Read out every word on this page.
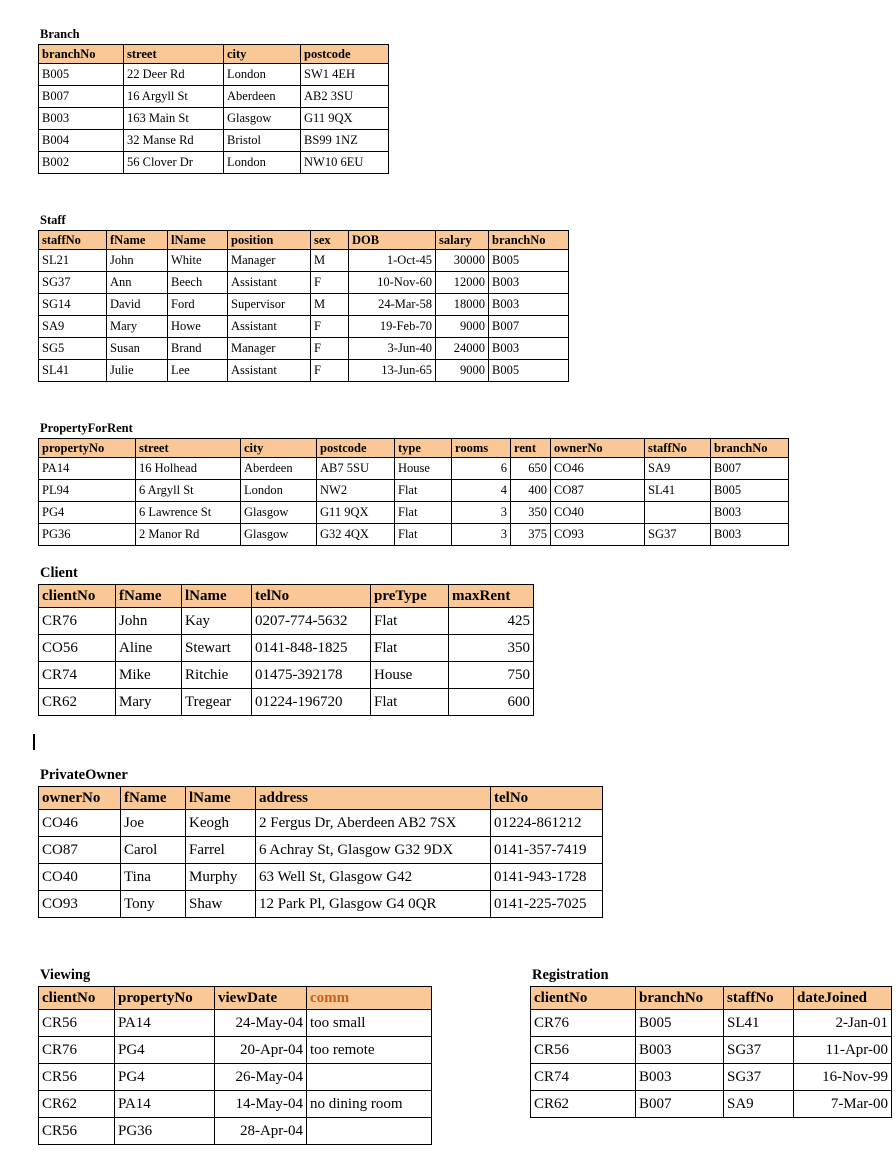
Branch
branchNo	street	city	postcode
B005	22 Deer Rd	London	SW1 4EH
B007	16 Argyll St	Aberdeen	AB2 3SU
B003	163 Main St	Glasgow	G11 9QX
B004	32 Manse Rd	Bristol	BS99 1NZ
B002	56 Clover Dr	London	NW10 6EU
Staff
staffNo	fName	lName	position	sex	DOB	salary	branchNo
SL21	John	White	Manager	M	1-Oct-45	30000	B005
SG37	Ann	Beech	Assistant	F	10-Nov-60	12000	B003
SG14	David	Ford	Supervisor	M	24-Mar-58	18000	B003
SA9	Mary	Howe	Assistant	F	19-Feb-70	9000	B007
SG5	Susan	Brand	Manager	F	3-Jun-40	24000	B003
SL41	Julie	Lee	Assistant	F	13-Jun-65	9000	B005
PropertyForRent
propertyNo	street	city	postcode	type	rooms	rent	ownerNo	staffNo	branchNo
PA14	16 Holhead	Aberdeen	AB7 5SU	House	6	650	CO46	SA9	B007
PL94	6 Argyll St	London	NW2	Flat	4	400	CO87	SL41	B005
PG4	6 Lawrence St	Glasgow	G11 9QX	Flat	3	350	CO40		B003
PG36	2 Manor Rd	Glasgow	G32 4QX	Flat	3	375	CO93	SG37	B003
Client
clientNo	fName	lName	telNo	preType	maxRent
CR76	John	Kay	0207-774-5632	Flat	425
CO56	Aline	Stewart	0141-848-1825	Flat	350
CR74	Mike	Ritchie	01475-392178	House	750
CR62	Mary	Tregear	01224-196720	Flat	600
PrivateOwner
ownerNo	fName	lName	address	telNo
CO46	Joe	Keogh	2 Fergus Dr, Aberdeen AB2 7SX	01224-861212
CO87	Carol	Farrel	6 Achray St, Glasgow G32 9DX	0141-357-7419
CO40	Tina	Murphy	63 Well St, Glasgow G42	0141-943-1728
CO93	Tony	Shaw	12 Park Pl, Glasgow G4 0QR	0141-225-7025
Viewing
clientNo	propertyNo	viewDate	comm
CR56	PA14	24-May-04	too small
CR76	PG4	20-Apr-04	too remote
CR56	PG4	26-May-04	
CR62	PA14	14-May-04	no dining room
CR56	PG36	28-Apr-04	
Registration
clientNo	branchNo	staffNo	dateJoined
CR76	B005	SL41	2-Jan-01
CR56	B003	SG37	11-Apr-00
CR74	B003	SG37	16-Nov-99
CR62	B007	SA9	7-Mar-00
